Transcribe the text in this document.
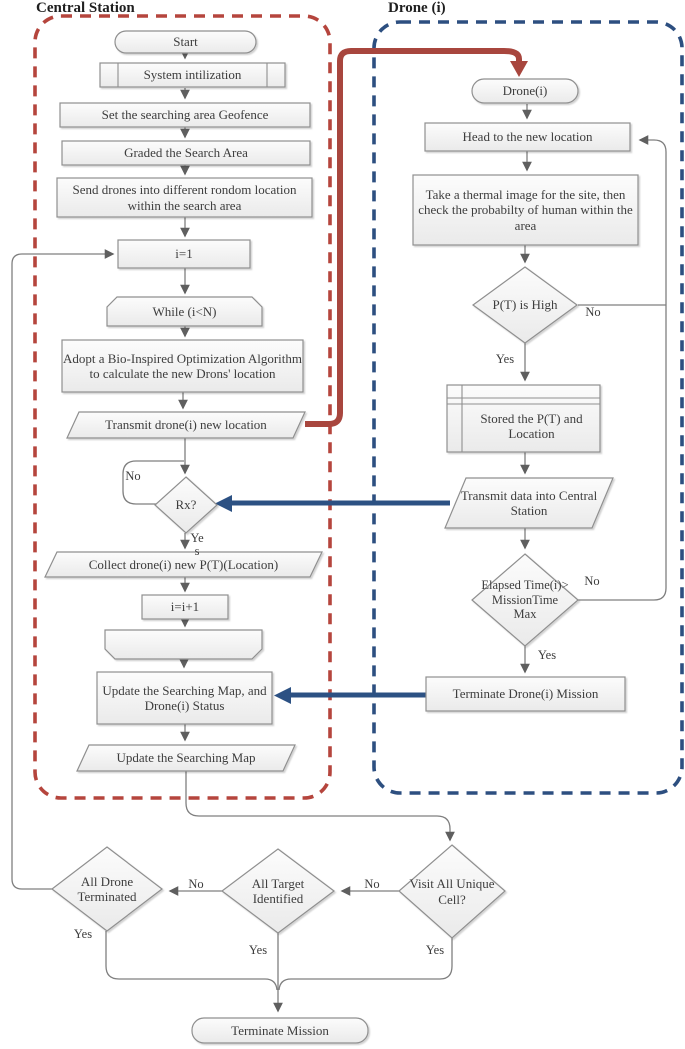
Central Station	Drone (i)
Start
System intilization
Set the searching area Geofence
Graded the Search Area
Send drones into different rondom location within the search area
i=1
While (i<N)
Adopt a Bio-Inspired Optimization Algorithm to calculate the new Drons' location
Transmit drone(i) new location
Rx?
Collect drone(i) new P(T)(Location)
i=i+1
Update the Searching Map, and Drone(i) Status
Update the Searching Map
Drone(i)
Head to the new location
Take a thermal image for the site, then check the probabilty of human within the area
P(T) is High
Stored the P(T) and Location
Transmit data into Central Station
Elapsed Time(i)> MissionTime Max
Terminate Drone(i) Mission
All Drone Terminated
All Target Identified
Visit All Unique Cell?
Terminate Mission
No
Ye
s
No
Yes
No
Yes
No
No
Yes
Yes	Yes
